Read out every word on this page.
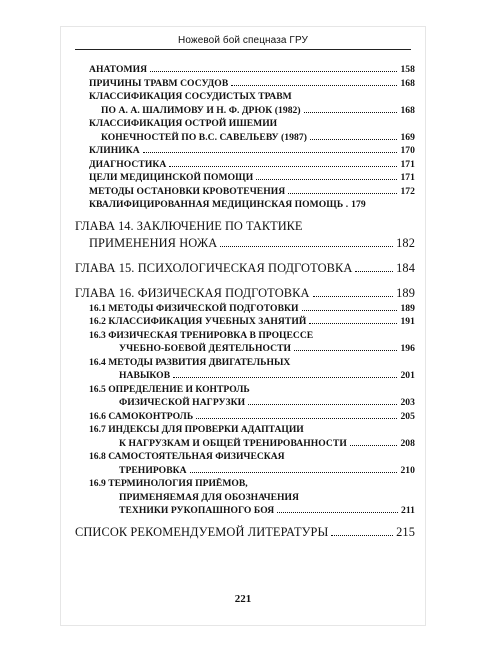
Ножевой бой спецназа ГРУ
АНАТОМИЯ	158
ПРИЧИНЫ ТРАВМ СОСУДОВ	168
КЛАССИФИКАЦИЯ СОСУДИСТЫХ ТРАВМ
ПО А. А. ШАЛИМОВУ И Н. Ф. ДРЮК (1982)	168
КЛАССИФИКАЦИЯ ОСТРОЙ ИШЕМИИ
КОНЕЧНОСТЕЙ ПО В.С. САВЕЛЬЕВУ (1987)	169
КЛИНИКА	170
ДИАГНОСТИКА	171
ЦЕЛИ МЕДИЦИНСКОЙ ПОМОЩИ	171
МЕТОДЫ ОСТАНОВКИ КРОВОТЕЧЕНИЯ	172
КВАЛИФИЦИРОВАННАЯ МЕДИЦИНСКАЯ ПОМОЩЬ . 179
ГЛАВА 14. ЗАКЛЮЧЕНИЕ ПО ТАКТИКЕ
ПРИМЕНЕНИЯ НОЖА	182
ГЛАВА 15. ПСИХОЛОГИЧЕСКАЯ ПОДГОТОВКА	184
ГЛАВА 16. ФИЗИЧЕСКАЯ ПОДГОТОВКА	189
16.1 МЕТОДЫ ФИЗИЧЕСКОЙ ПОДГОТОВКИ	189
16.2 КЛАССИФИКАЦИЯ УЧЕБНЫХ ЗАНЯТИЙ	191
16.3 ФИЗИЧЕСКАЯ ТРЕНИРОВКА В ПРОЦЕССЕ
УЧЕБНО-БОЕВОЙ ДЕЯТЕЛЬНОСТИ	196
16.4 МЕТОДЫ РАЗВИТИЯ ДВИГАТЕЛЬНЫХ
НАВЫКОВ	201
16.5 ОПРЕДЕЛЕНИЕ И КОНТРОЛЬ
ФИЗИЧЕСКОЙ НАГРУЗКИ	203
16.6 САМОКОНТРОЛЬ	205
16.7 ИНДЕКСЫ ДЛЯ ПРОВЕРКИ АДАПТАЦИИ
К НАГРУЗКАМ И ОБЩЕЙ ТРЕНИРОВАННОСТИ	208
16.8 САМОСТОЯТЕЛЬНАЯ ФИЗИЧЕСКАЯ
ТРЕНИРОВКА	210
16.9 ТЕРМИНОЛОГИЯ ПРИЁМОВ,
ПРИМЕНЯЕМАЯ ДЛЯ ОБОЗНАЧЕНИЯ
ТЕХНИКИ РУКОПАШНОГО БОЯ	211
СПИСОК РЕКОМЕНДУЕМОЙ ЛИТЕРАТУРЫ	215
221
